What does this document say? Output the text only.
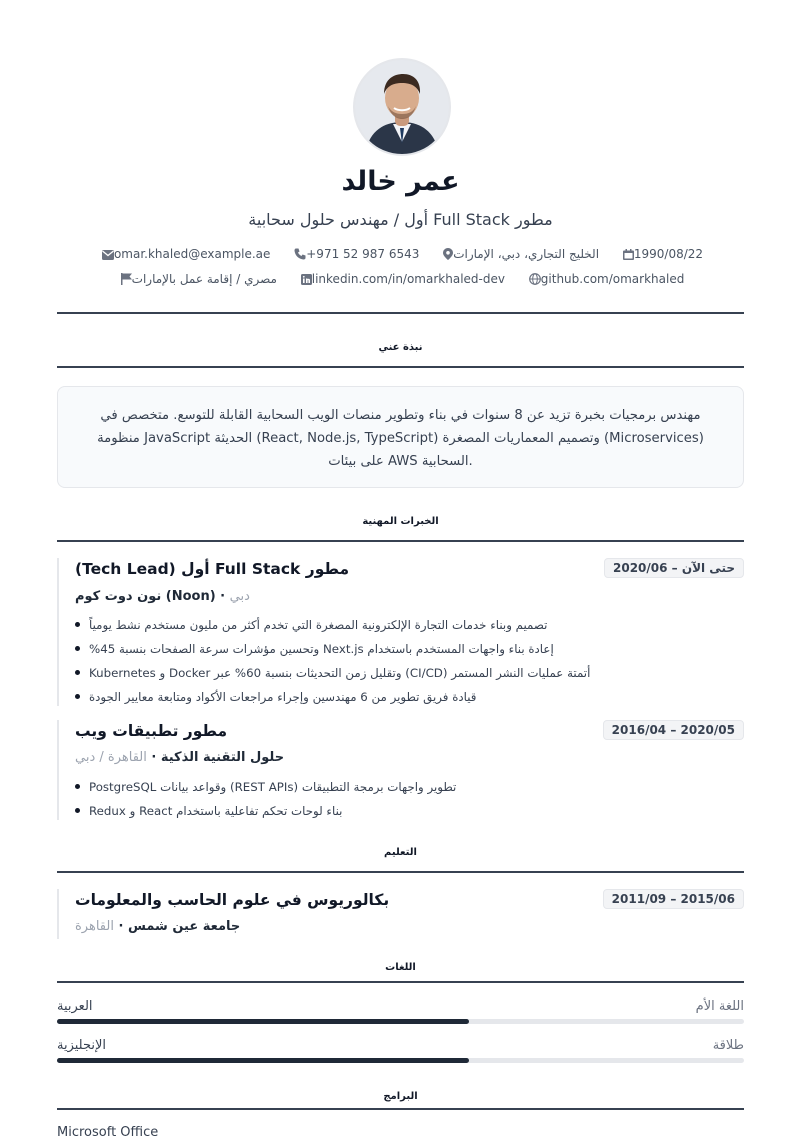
عمر خالد
أول / مهندس حلول سحابية Full Stack مطور
omar.khaled@example.ae	+971 52 987 6543	الخليج التجاري، دبي، الإمارات	1990/08/22
مصري / إقامة عمل بالإمارات	linkedin.com/in/omarkhaled-dev	github.com/omarkhaled
نبذة عني

مهندس برمجيات بخبرة تزيد عن 8 سنوات في بناء وتطوير منصات الويب السحابية القابلة للتوسع. متخصص في
(Microservices) وتصميم المعماريات المصغرة (React, Node.js, TypeScript) الحديثة JavaScript منظومة
.السحابية AWS على بيئات

الخبرات المهنية
حتى الآن – 2020/06
(Tech Lead) أول Full Stack مطور
نون دوت كوم (Noon) · دبي
تصميم وبناء خدمات التجارة الإلكترونية المصغرة التي تخدم أكثر من مليون مستخدم نشط يومياً
%وتحسين مؤشرات سرعة الصفحات بنسبة 45 Next.js إعادة بناء واجهات المستخدم باستخدام
Kubernetes و Docker وتقليل زمن التحديثات بنسبة 60% عبر (CI/CD) أتمتة عمليات النشر المستمر
قيادة فريق تطوير من 6 مهندسين وإجراء مراجعات الأكواد ومتابعة معايير الجودة
2016/04 – 2020/05
مطور تطبيقات ويب
حلول التقنية الذكية · القاهرة / دبي
PostgreSQL وقواعد بيانات (REST APIs) تطوير واجهات برمجة التطبيقات
Redux و React بناء لوحات تحكم تفاعلية باستخدام
التعليم
2011/09 – 2015/06
بكالوريوس في علوم الحاسب والمعلومات
جامعة عين شمس · القاهرة
اللغات
العربية	اللغة الأم
الإنجليزية	طلاقة
البرامج
Microsoft Office
